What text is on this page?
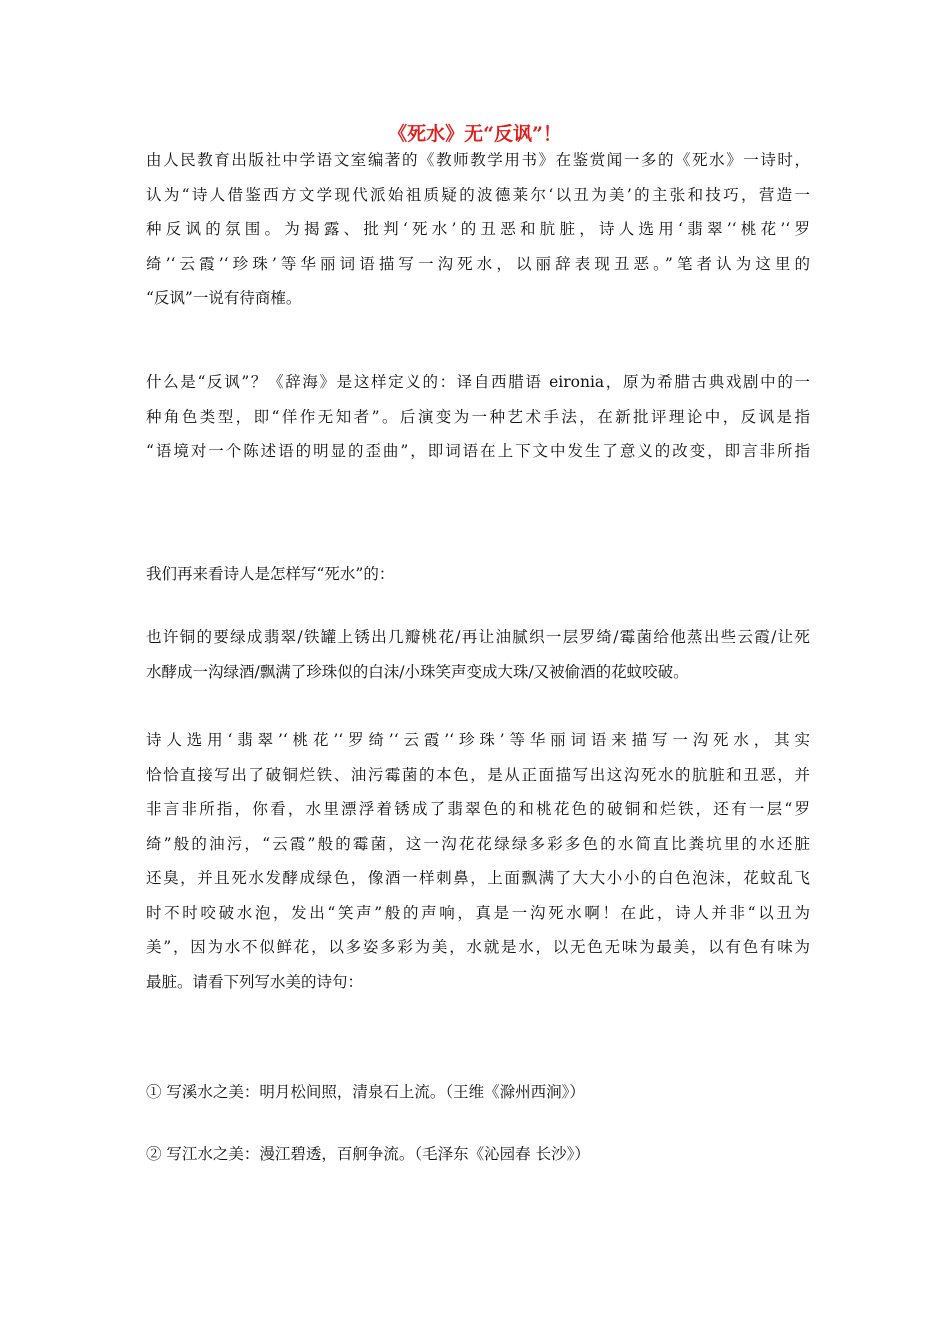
《死水》无“反讽”！

由人民教育出版社中学语文室编著的《教师教学用书》在鉴赏闻一多的《死水》一诗时，
认为“诗人借鉴西方文学现代派始祖质疑的波德莱尔‘以丑为美’的主张和技巧，营造一
种反讽的氛围。为揭露、批判‘死水’的丑恶和肮脏，诗人选用‘翡翠’‘桃花’‘罗
绮’‘云霞’‘珍珠’等华丽词语描写一沟死水，以丽辞表现丑恶。”笔者认为这里的
“反讽”一说有待商榷。

什么是“反讽”？《辞海》是这样定义的：译自西腊语 eironia，原为希腊古典戏剧中的一
种角色类型，即“佯作无知者”。后演变为一种艺术手法，在新批评理论中，反讽是指
“语境对一个陈述语的明显的歪曲”，即词语在上下文中发生了意义的改变，即言非所指

我们再来看诗人是怎样写“死水”的：

也许铜的要绿成翡翠/铁罐上锈出几瓣桃花/再让油腻织一层罗绮/霉菌给他蒸出些云霞/让死
水酵成一沟绿酒/飘满了珍珠似的白沫/小珠笑声变成大珠/又被偷酒的花蚊咬破。

诗人选用‘翡翠’‘桃花’‘罗绮’‘云霞’‘珍珠’等华丽词语来描写一沟死水，其实
恰恰直接写出了破铜烂铁、油污霉菌的本色，是从正面描写出这沟死水的肮脏和丑恶，并
非言非所指，你看，水里漂浮着锈成了翡翠色的和桃花色的破铜和烂铁，还有一层“罗
绮”般的油污，“云霞”般的霉菌，这一沟花花绿绿多彩多色的水简直比粪坑里的水还脏
还臭，并且死水发酵成绿色，像酒一样刺鼻，上面飘满了大大小小的白色泡沫，花蚊乱飞
时不时咬破水泡，发出“笑声”般的声响，真是一沟死水啊！在此，诗人并非“以丑为
美”，因为水不似鲜花，以多姿多彩为美，水就是水，以无色无味为最美，以有色有味为
最脏。请看下列写水美的诗句：

① 写溪水之美：明月松间照，清泉石上流。（王维《滁州西涧》）

② 写江水之美：漫江碧透，百舸争流。（毛泽东《沁园春 长沙》）
